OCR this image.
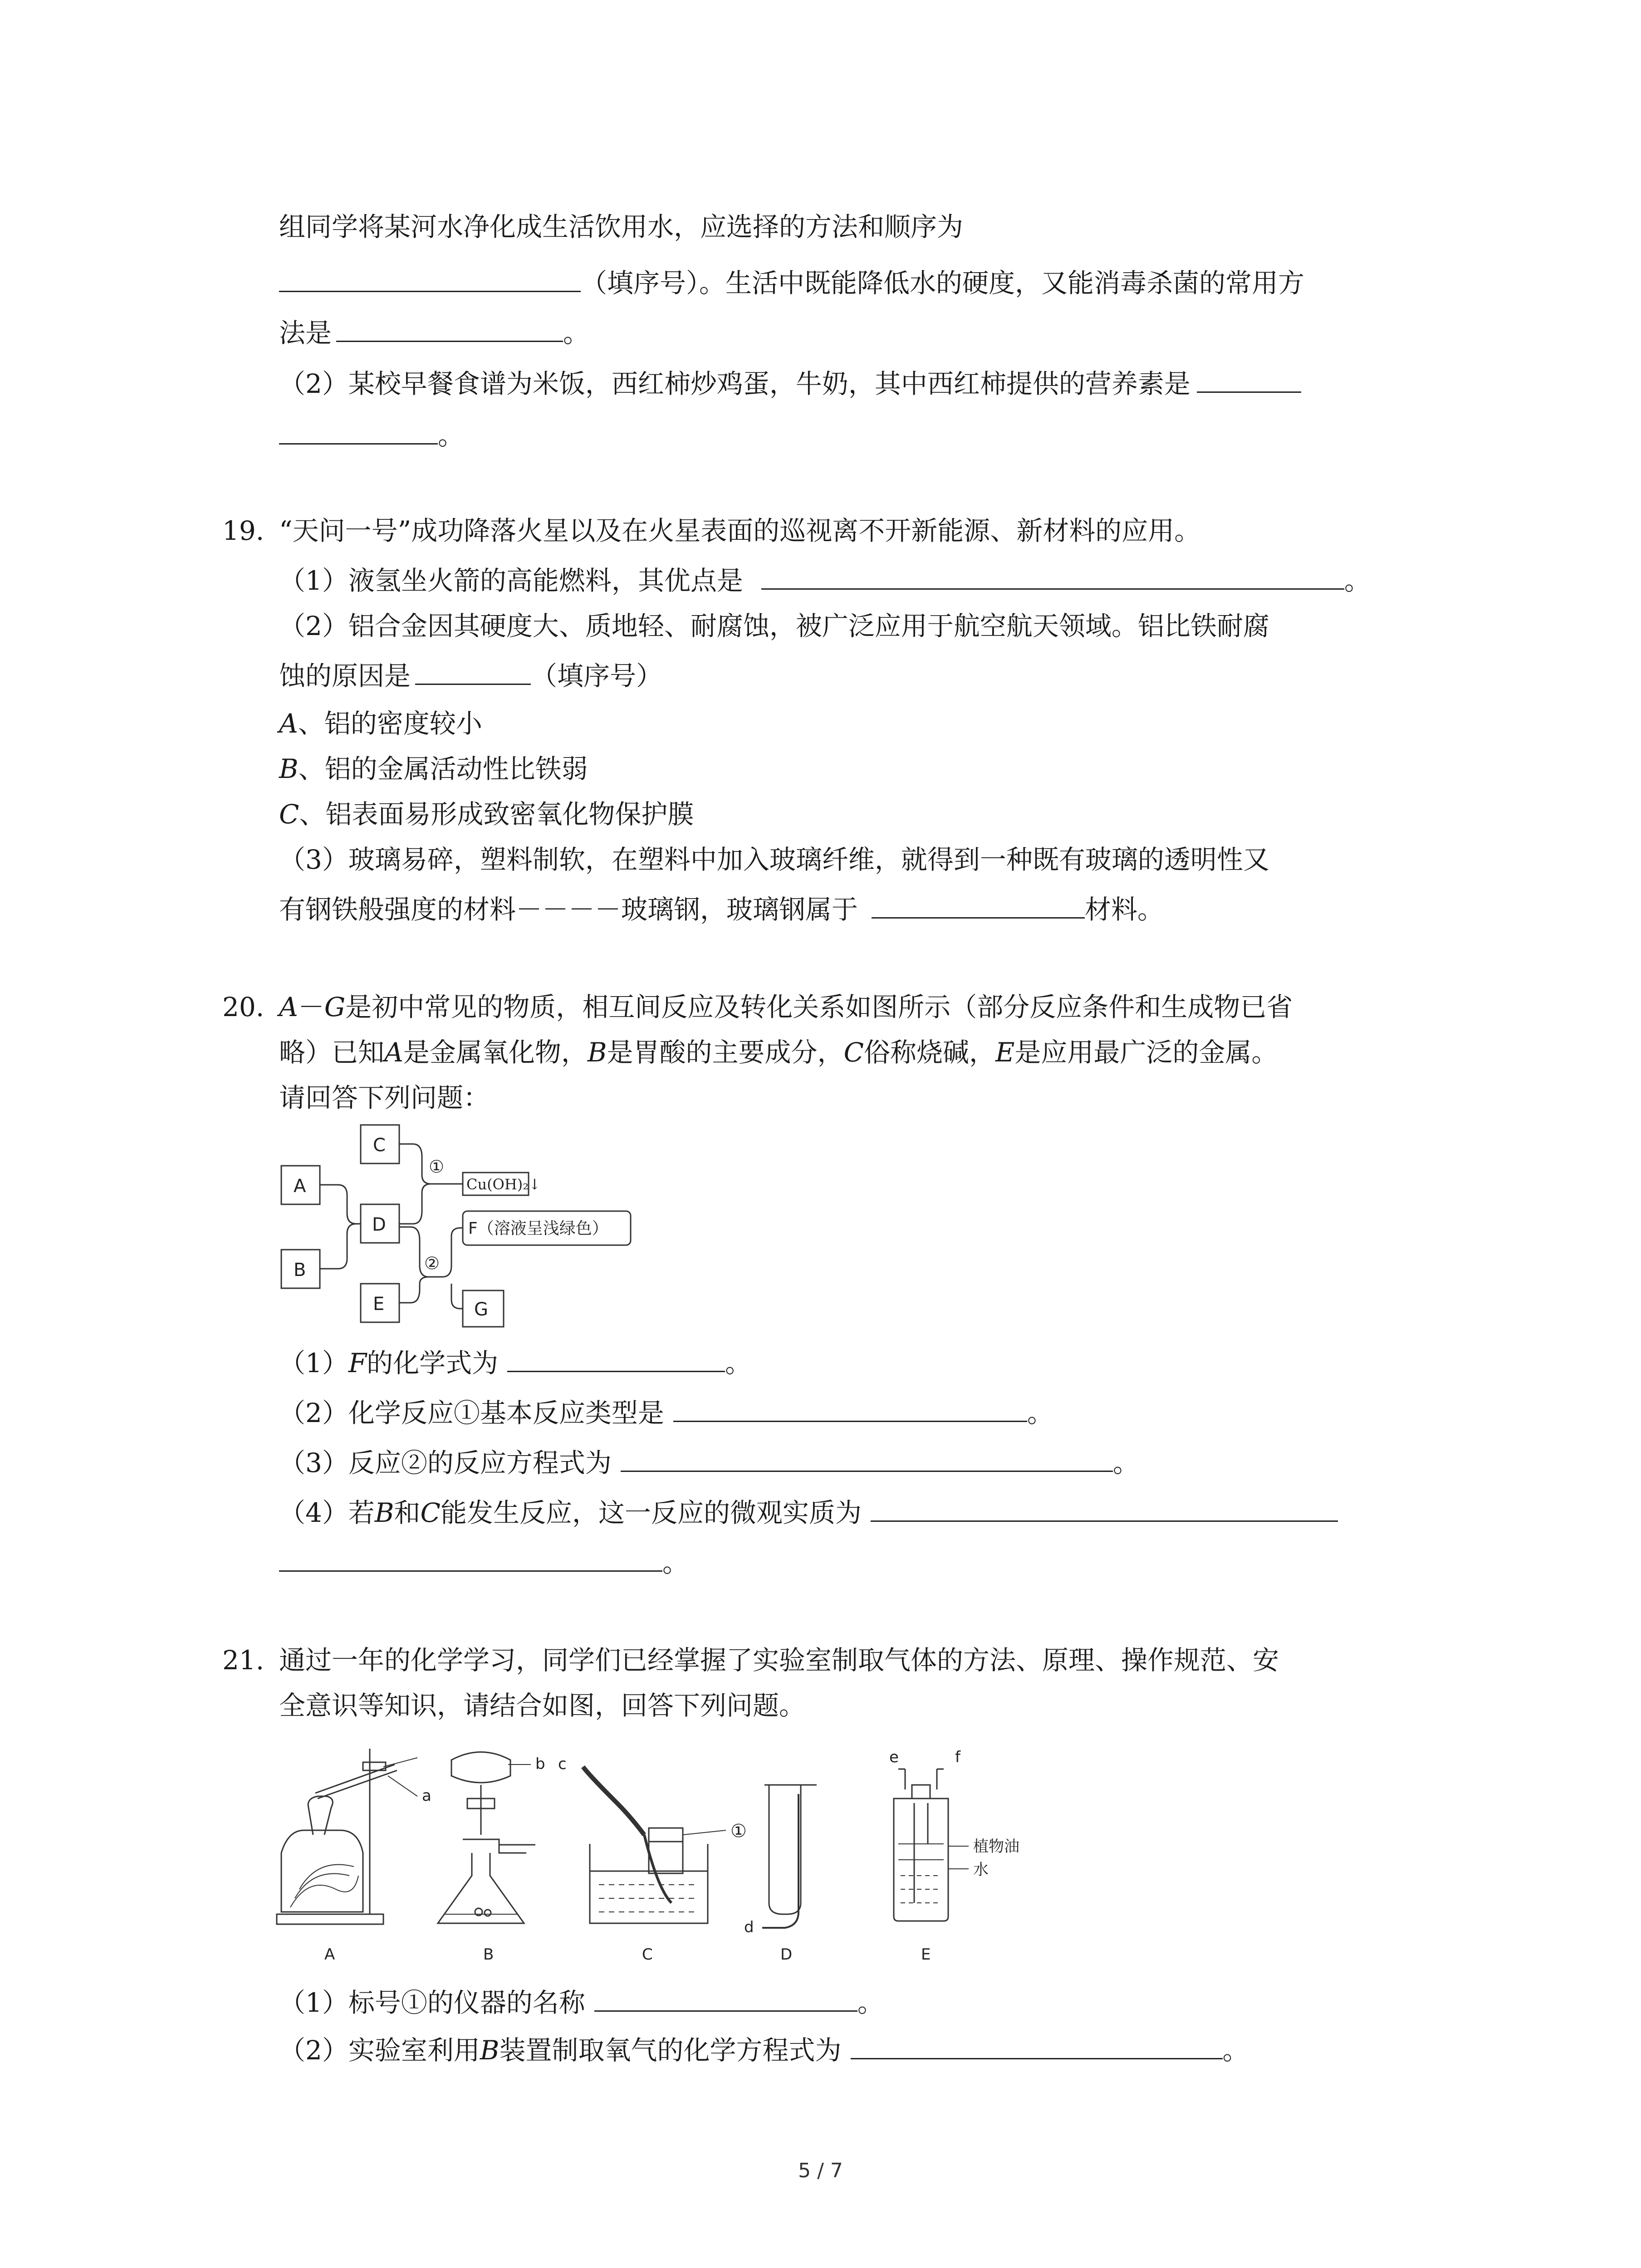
组同学将某河水净化成生活饮用水，应选择的方法和顺序为
（填序号）。生活中既能降低水的硬度，又能消毒杀菌的常用方
法是	。
（2）某校早餐食谱为米饭，西红柿炒鸡蛋，牛奶，其中西红柿提供的营养素是
。
19. “天问一号”成功降落火星以及在火星表面的巡视离不开新能源、新材料的应用。
（1）液氢坐火箭的高能燃料，其优点是	。
（2）铝合金因其硬度大、质地轻、耐腐蚀，被广泛应用于航空航天领域。铝比铁耐腐
蚀的原因是	（填序号）
A、铝的密度较小
B、铝的金属活动性比铁弱
C、铝表面易形成致密氧化物保护膜
（3）玻璃易碎，塑料制软，在塑料中加入玻璃纤维，就得到一种既有玻璃的透明性又
有钢铁般强度的材料－－－－玻璃钢，玻璃钢属于	材料。
20. A－G是初中常见的物质，相互间反应及转化关系如图所示（部分反应条件和生成物已省
略）已知A是金属氧化物，B是胃酸的主要成分，C俗称烧碱，E是应用最广泛的金属。
请回答下列问题：
A
B
C
D
E	G
①
②
Cu(OH)₂↓
F（溶液呈浅绿色）
（1）F的化学式为	。
（2）化学反应①基本反应类型是	。
（3）反应②的反应方程式为	。
（4）若B和C能发生反应，这一反应的微观实质为
。
21. 通过一年的化学学习，同学们已经掌握了实验室制取气体的方法、原理、操作规范、安
全意识等知识，请结合如图，回答下列问题。
a
b c
①
d
e	f
植物油
水
A	B	C	D	E
（1）标号①的仪器的名称	。
（2）实验室利用B装置制取氧气的化学方程式为	。
5 / 7
